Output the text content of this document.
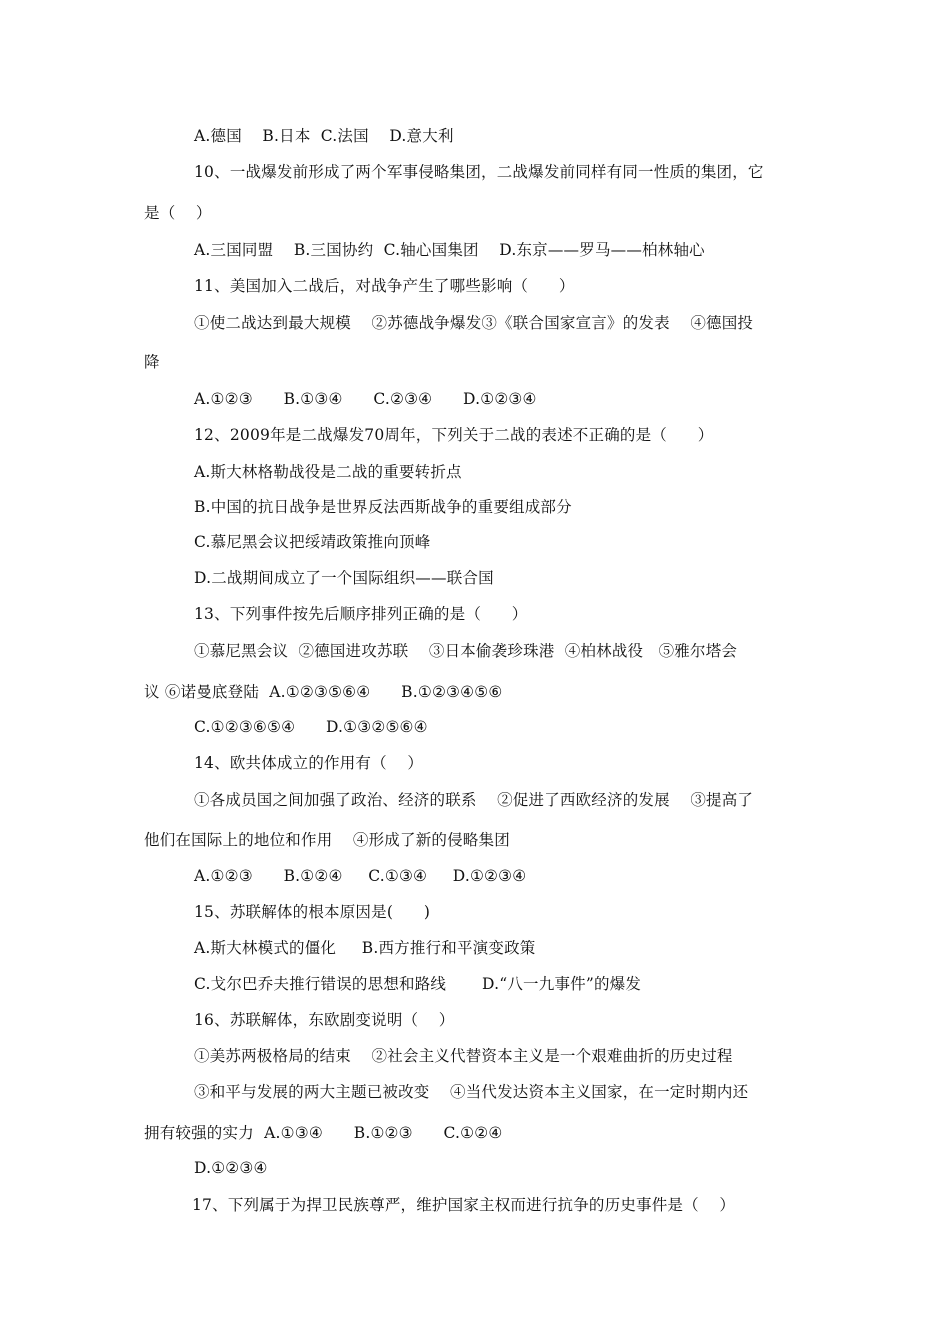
A.德国    B.日本  C.法国    D.意大利
10、一战爆发前形成了两个军事侵略集团，二战爆发前同样有同一性质的集团，它
是（    ）
A.三国同盟    B.三国协约  C.轴心国集团    D.东京——罗马——柏林轴心
11、美国加入二战后，对战争产生了哪些影响（      ）
①使二战达到最大规模    ②苏德战争爆发③《联合国家宣言》的发表    ④德国投
降
A.①②③      B.①③④      C.②③④      D.①②③④
12、2009年是二战爆发70周年，下列关于二战的表述不正确的是（      ）
A.斯大林格勒战役是二战的重要转折点
B.中国的抗日战争是世界反法西斯战争的重要组成部分
C.慕尼黑会议把绥靖政策推向顶峰
D.二战期间成立了一个国际组织——联合国
13、下列事件按先后顺序排列正确的是（      ）
①慕尼黑会议  ②德国进攻苏联    ③日本偷袭珍珠港  ④柏林战役   ⑤雅尔塔会
议 ⑥诺曼底登陆  A.①②③⑤⑥④      B.①②③④⑤⑥
C.①②③⑥⑤④      D.①③②⑤⑥④
14、欧共体成立的作用有（    ）
①各成员国之间加强了政治、经济的联系    ②促进了西欧经济的发展    ③提高了
他们在国际上的地位和作用    ④形成了新的侵略集团
A.①②③      B.①②④     C.①③④     D.①②③④
15、苏联解体的根本原因是(      )
A.斯大林模式的僵化     B.西方推行和平演变政策
C.戈尔巴乔夫推行错误的思想和路线       D.“八一九事件”的爆发
16、苏联解体，东欧剧变说明（    ）
①美苏两极格局的结束    ②社会主义代替资本主义是一个艰难曲折的历史过程
③和平与发展的两大主题已被改变    ④当代发达资本主义国家，在一定时期内还
拥有较强的实力  A.①③④      B.①②③      C.①②④
D.①②③④
17、下列属于为捍卫民族尊严，维护国家主权而进行抗争的历史事件是（    ）
